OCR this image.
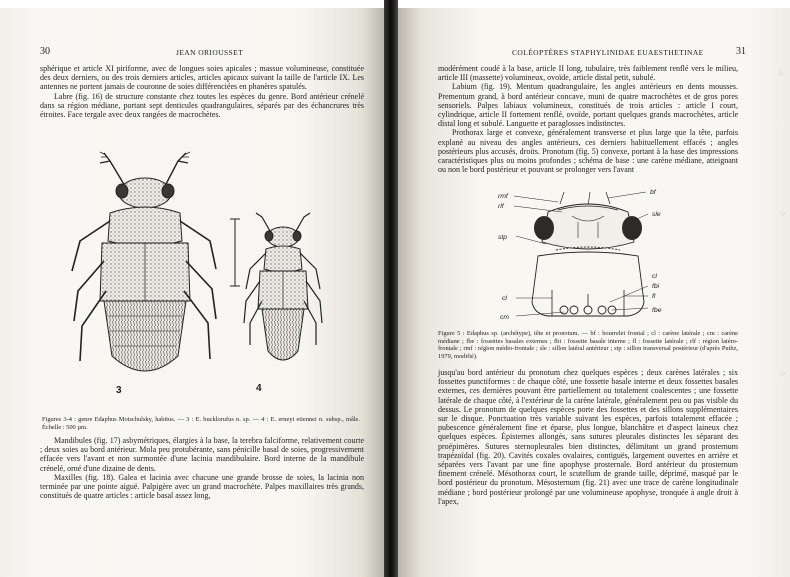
30	JEAN ORIOUSSET

sphérique et article XI piriforme, avec de longues soies apicales ; massue volumineuse, constituée des deux derniers, ou des trois derniers articles, articles apicaux suivant la taille de l'article IX. Les antennes ne portent jamais de couronne de soies différenciées en phanères spatulés.

Labre (fig. 16) de structure constante chez toutes les espèces du genre. Bord antérieur crénelé dans sa région médiane, portant sept denticules quadrangulaires, séparés par des échancrures très étroites. Face tergale avec deux rangées de macrochètes.

3	4
Figures 3-4 : genre Edaphus Motschulsky, habitus. — 3 : E. bucklorufus n. sp. — 4 : E. erneyi etiennei n. subsp., mâle. Échelle : 500 µm.

Mandibules (fig. 17) asbymétriques, élargies à la base, la terebra falciforme, relativement courte ; deux soies au bord antérieur. Mola peu protubérante, sans pénicille basal de soies, progressivement effacée vers l'avant et non surmontée d'une lacinia mandibulaire. Bord interne de la mandibule crénelé, orné d'une dizaine de dents.

Maxilles (fig. 18). Galea et lacinia avec chacune une grande brosse de soies, la lacinia non terminée par une pointe aiguë. Palpigère avec un grand macrochète. Palpes maxillaires très grands, constitués de quatre articles : article basal assez long,

COLÉOPTÈRES STAPHYLINIDAE EUAESTHETINAE	31

modérément coudé à la base, article II long, tubulaire, très faiblement renflé vers le milieu, article III (massette) volumineux, ovoïde, article distal petit, subulé.

Labium (fig. 19). Mentum quadrangulaire, les angles antérieurs en dents mousses. Prementum grand, à bord antérieur concave, muni de quatre macrochètes et de gros pores sensoriels. Palpes labiaux volumineux, constitués de trois articles : article I court, cylindrique, article II fortement renflé, ovoïde, portant quelques grands macrochètes, article distal long et subulé. Languette et paraglosses indistinctes.

Prothorax large et convexe, généralement transverse et plus large que la tête, parfois explané au niveau des angles antérieurs, ces derniers habituellement effacés ; angles postérieurs plus accusés, droits. Pronotum (fig. 5) convexe, portant à la base des impressions caractéristiques plus ou moins profondes ; schéma de base : une carène médiane, atteignant ou non le bord postérieur et pouvant se prolonger vers l'avant

rmf
rlf
bf
sle
stp
cl
fbi
fl
cl
cm
fbe
Figure 5 : Edaphus sp. (archétype), tête et pronotum. — bf : bourrelet frontal ; cl : carène latérale ; cm : carène médiane ; fbe : fossettes basales externes ; fbi : fossette basale interne ; fl : fossette latérale ; rlf : région latéro-frontale ; rmf : région médio-frontale ; sle : sillon latéral antérieur ; stp : sillon transversal postérieur (d'après Puthz, 1979, modifié).

jusqu'au bord antérieur du pronotum chez quelques espèces ; deux carènes latérales ; six fossettes punctiformes : de chaque côté, une fossette basale interne et deux fossettes basales externes, ces dernières pouvant être partiellement ou totalement coalescentes ; une fossette latérale de chaque côté, à l'extérieur de la carène latérale, généralement peu ou pas visible du dessus. Le pronotum de quelques espèces porte des fossettes et des sillons supplémentaires sur le disque. Ponctuation très variable suivant les espèces, parfois totalement effacée ; pubescence généralement fine et éparse, plus longue, blanchâtre et d'aspect laineux chez quelques espèces. Épisternes allongés, sans sutures pleurales distinctes les séparant des proépimères. Sutures sternopleurales bien distinctes, délimitant un grand prosternum trapézoïdal (fig. 20). Cavités coxales ovalaires, contiguës, largement ouvertes en arrière et séparées vers l'avant par une fine apophyse prosternale. Bord antérieur du prosternum finement crénelé. Mésothorax court, le scutellum de grande taille, déprimé, masqué par le bord postérieur du pronotum. Mésosternum (fig. 21) avec une trace de carène longitudinale médiane ; bord postérieur prolongé par une volumineuse apophyse, tronquée à angle droit à l'apex,

○
○
○
